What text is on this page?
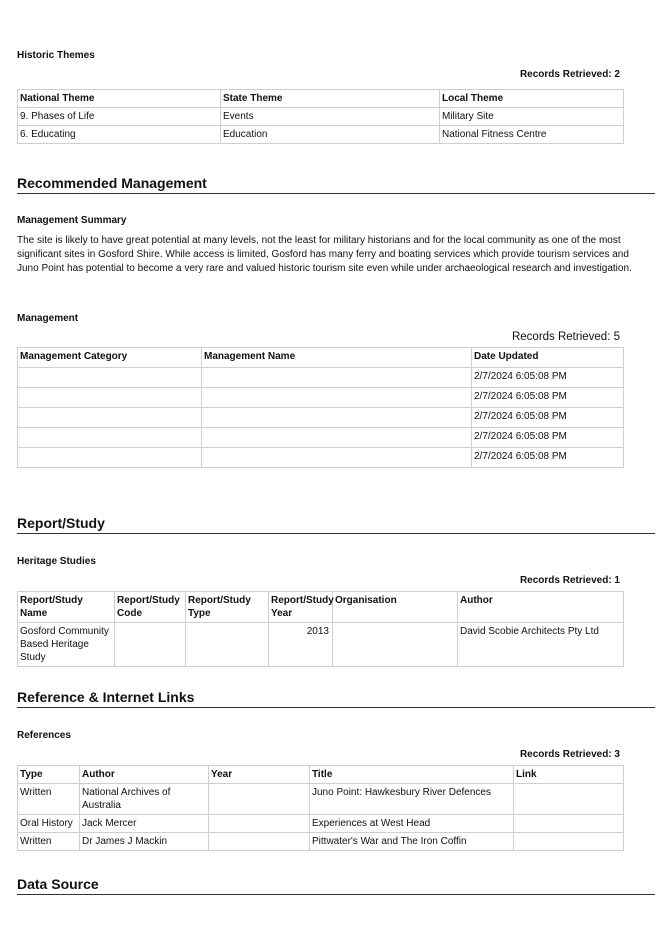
Historic Themes
Records Retrieved: 2
National Theme	State Theme	Local Theme
9. Phases of Life	Events	Military Site
6. Educating	Education	National Fitness Centre
Recommended Management
Management Summary
The site is likely to have great potential at many levels, not the least for military historians and for the local community as one of the most significant sites in Gosford Shire. While access is limited, Gosford has many ferry and boating services which provide tourism services and Juno Point has potential to become a very rare and valued historic tourism site even while under archaeological research and investigation.
Management
Records Retrieved: 5
Management Category	Management Name	Date Updated
		2/7/2024 6:05:08 PM
		2/7/2024 6:05:08 PM
		2/7/2024 6:05:08 PM
		2/7/2024 6:05:08 PM
		2/7/2024 6:05:08 PM
Report/Study
Heritage Studies
Records Retrieved: 1
Report/Study Name	Report/Study Code	Report/Study Type	Report/Study Year	Organisation	Author
Gosford Community Based Heritage Study			2013		David Scobie Architects Pty Ltd
Reference & Internet Links
References
Records Retrieved: 3
Type	Author	Year	Title	Link
Written	National Archives of Australia		Juno Point: Hawkesbury River Defences	
Oral History	Jack Mercer		Experiences at West Head	
Written	Dr James J Mackin		Pittwater's War and The Iron Coffin	
Data Source
